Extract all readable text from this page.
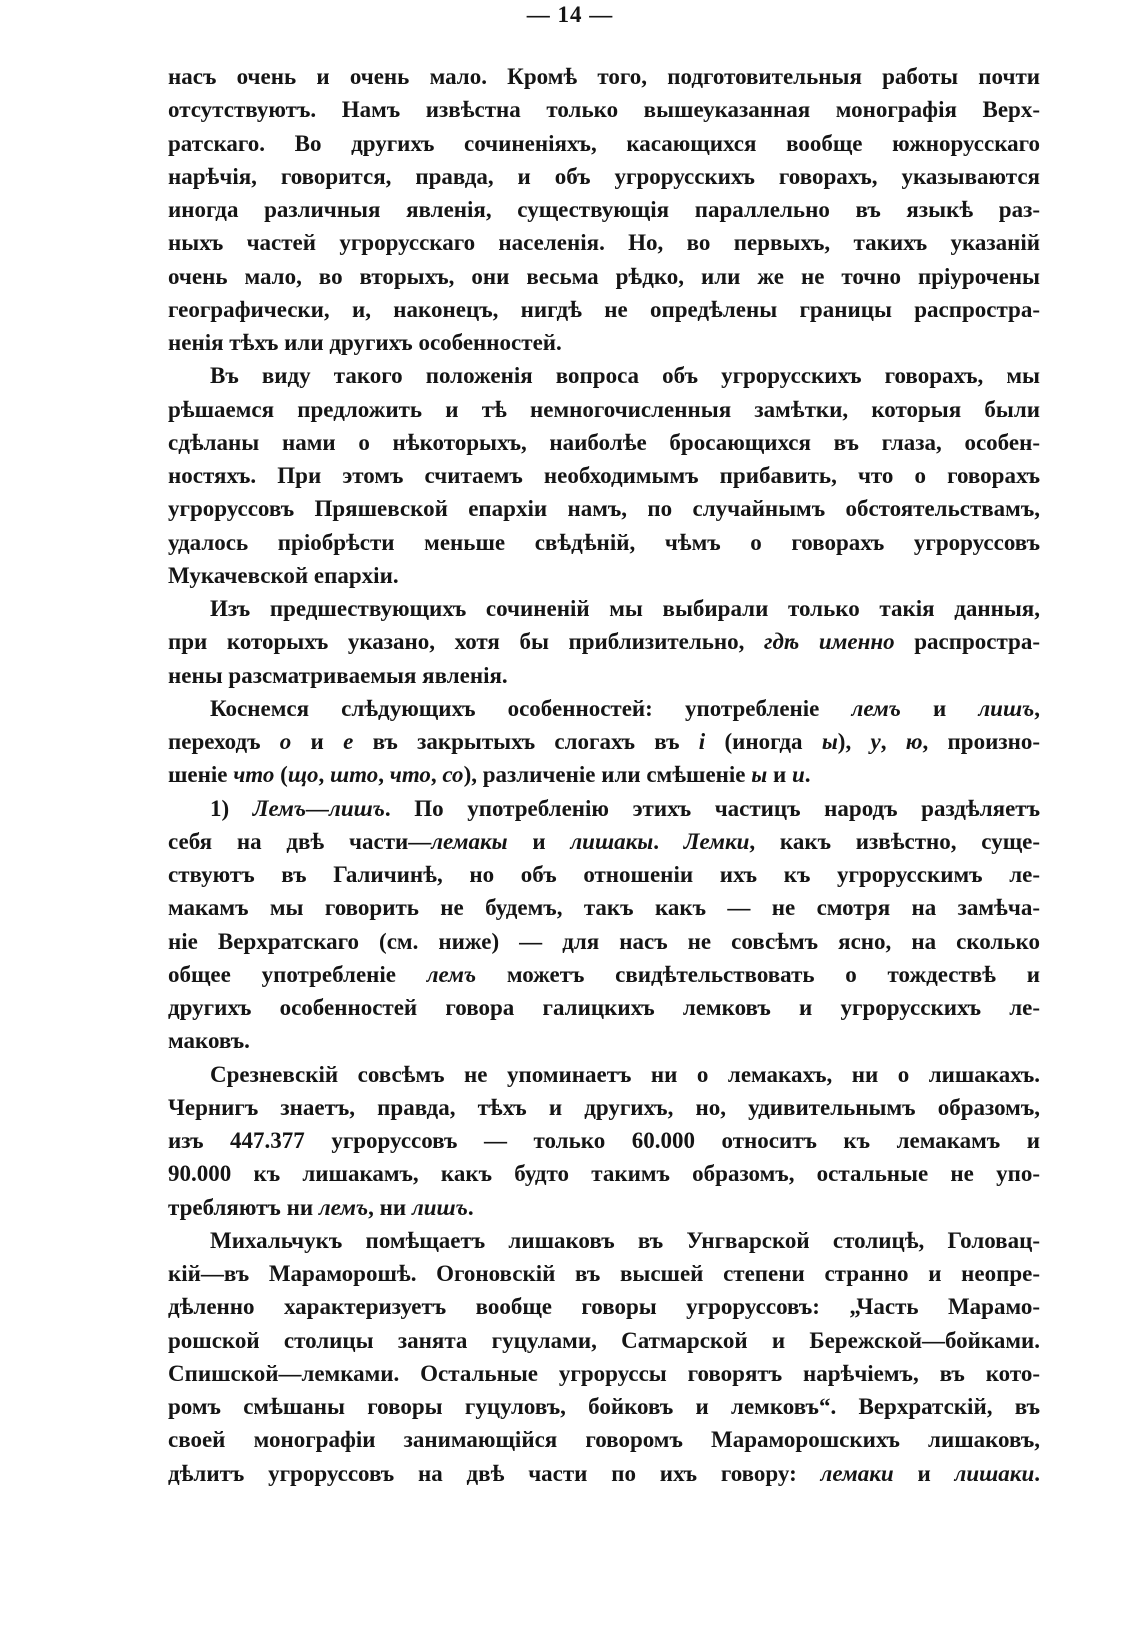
— 14 —
насъ очень и очень мало. Кромѣ того, подготовительныя работы почти
отсутствуютъ. Намъ извѣстна только вышеуказанная монографія Верх-
ратскаго. Во другихъ сочиненіяхъ, касающихся вообще южнорусскаго
нарѣчія, говорится, правда, и объ угрорусскихъ говорахъ, указываются
иногда различныя явленія, существующія параллельно въ языкѣ раз-
ныхъ частей угрорусскаго населенія. Но, во первыхъ, такихъ указаній
очень мало, во вторыхъ, они весьма рѣдко, или же не точно пріурочены
географически, и, наконецъ, нигдѣ не опредѣлены границы распростра-
ненія тѣхъ или другихъ особенностей.
Въ виду такого положенія вопроса объ угрорусскихъ говорахъ, мы
рѣшаемся предложить и тѣ немногочисленныя замѣтки, которыя были
сдѣланы нами о нѣкоторыхъ, наиболѣе бросающихся въ глаза, особен-
ностяхъ. При этомъ считаемъ необходимымъ прибавить, что о говорахъ
угроруссовъ Пряшевской епархіи намъ, по случайнымъ обстоятельствамъ,
удалось пріобрѣсти меньше свѣдѣній, чѣмъ о говорахъ угроруссовъ
Мукачевской епархіи.
Изъ предшествующихъ сочиненій мы выбирали только такія данныя,
при которыхъ указано, хотя бы приблизительно, гдѣ именно распростра-
нены разсматриваемыя явленія.
Коснемся слѣдующихъ особенностей: употребленіе лемъ и лишъ,
переходъ о и е въ закрытыхъ слогахъ въ і (иногда ы), у, ю, произно-
шеніе что (що, што, что, со), различеніе или смѣшеніе ы и и.
1) Лемъ—лишъ. По употребленію этихъ частицъ народъ раздѣляетъ
себя на двѣ части—лемакы и лишакы. Лемки, какъ извѣстно, суще-
ствуютъ въ Галичинѣ, но объ отношеніи ихъ къ угрорусскимъ ле-
макамъ мы говорить не будемъ, такъ какъ — не смотря на замѣча-
ніе Верхратскаго (см. ниже) — для насъ не совсѣмъ ясно, на сколько
общее употребленіе лемъ можетъ свидѣтельствовать о тождествѣ и
другихъ особенностей говора галицкихъ лемковъ и угрорусскихъ ле-
маковъ.
Срезневскій совсѣмъ не упоминаетъ ни о лемакахъ, ни о лишакахъ.
Чернигъ знаетъ, правда, тѣхъ и другихъ, но, удивительнымъ образомъ,
изъ 447.377 угроруссовъ — только 60.000 относитъ къ лемакамъ и
90.000 къ лишакамъ, какъ будто такимъ образомъ, остальные не упо-
требляютъ ни лемъ, ни лишъ.
Михальчукъ помѣщаетъ лишаковъ въ Унгварской столицѣ, Головац-
кій—въ Мараморошѣ. Огоновскій въ высшей степени странно и неопре-
дѣленно характеризуетъ вообще говоры угроруссовъ: „Часть Марамо-
рошской столицы занята гуцулами, Сатмарской и Бережской—бойками.
Спишской—лемками. Остальные угроруссы говорятъ нарѣчіемъ, въ кото-
ромъ смѣшаны говоры гуцуловъ, бойковъ и лемковъ“. Верхратскій, въ
своей монографіи занимающійся говоромъ Мараморошскихъ лишаковъ,
дѣлитъ угроруссовъ на двѣ части по ихъ говору: лемаки и лишаки.
